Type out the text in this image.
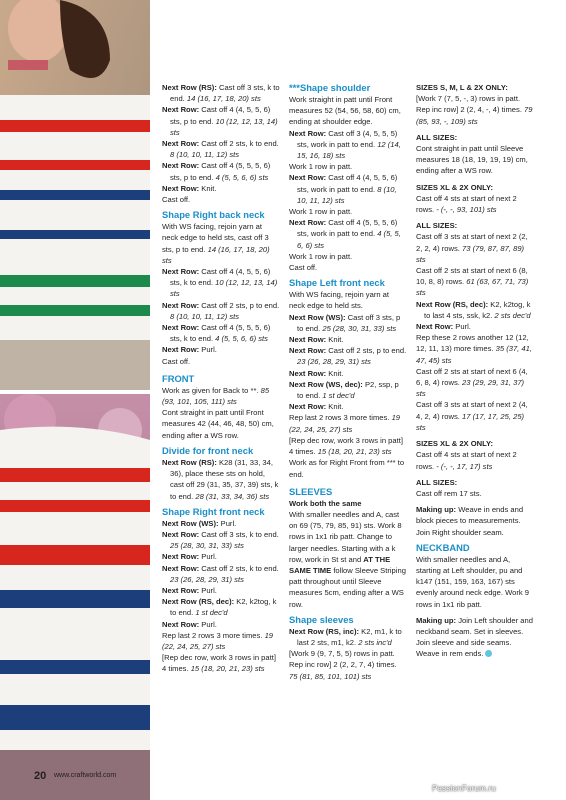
Next Row (RS): Cast off 3 sts, k to end. 14 (16, 17, 18, 20) sts

Next Row: Cast off 4 (4, 5, 5, 6) sts, p to end. 10 (12, 12, 13, 14) sts

Next Row: Cast off 2 sts, k to end. 8 (10, 10, 11, 12) sts

Next Row: Cast off 4 (5, 5, 5, 6) sts, p to end. 4 (5, 5, 6, 6) sts

Next Row: Knit.

Cast off.

Shape Right back neck

With WS facing, rejoin yarn at neck edge to held sts, cast off 3 sts, p to end. 14 (16, 17, 18, 20) sts

Next Row: Cast off 4 (4, 5, 5, 6) sts, k to end. 10 (12, 12, 13, 14) sts

Next Row: Cast off 2 sts, p to end. 8 (10, 10, 11, 12) sts

Next Row: Cast off 4 (5, 5, 5, 6) sts, k to end. 4 (5, 5, 6, 6) sts

Next Row: Purl.

Cast off.

FRONT

Work as given for Back to **. 85 (93, 101, 105, 111) sts

Cont straight in patt until Front measures 42 (44, 46, 48, 50) cm, ending after a WS row.

Divide for front neck

Next Row (RS): K28 (31, 33, 34, 36), place these sts on hold, cast off 29 (31, 35, 37, 39) sts, k to end. 28 (31, 33, 34, 36) sts

Shape Right front neck

Next Row (WS): Purl.

Next Row: Cast off 3 sts, k to end. 25 (28, 30, 31, 33) sts

Next Row: Purl.

Next Row: Cast off 2 sts, k to end. 23 (26, 28, 29, 31) sts

Next Row: Purl.

Next Row (RS, dec): K2, k2tog, k to end. 1 st dec'd

Next Row: Purl.

Rep last 2 rows 3 more times. 19 (22, 24, 25, 27) sts

[Rep dec row, work 3 rows in patt] 4 times. 15 (18, 20, 21, 23) sts

***Shape shoulder

Work straight in patt until Front measures 52 (54, 56, 58, 60) cm, ending at shoulder edge.

Next Row: Cast off 3 (4, 5, 5, 5) sts, work in patt to end. 12 (14, 15, 16, 18) sts

Work 1 row in patt.

Next Row: Cast off 4 (4, 5, 5, 6) sts, work in patt to end. 8 (10, 10, 11, 12) sts

Work 1 row in patt.

Next Row: Cast off 4 (5, 5, 5, 6) sts, work in patt to end. 4 (5, 5, 6, 6) sts

Work 1 row in patt.

Cast off.

Shape Left front neck

With WS facing, rejoin yarn at neck edge to held sts.

Next Row (WS): Cast off 3 sts, p to end. 25 (28, 30, 31, 33) sts

Next Row: Knit.

Next Row: Cast off 2 sts, p to end. 23 (26, 28, 29, 31) sts

Next Row: Knit.

Next Row (WS, dec): P2, ssp, p to end. 1 st dec'd

Next Row: Knit.

Rep last 2 rows 3 more times. 19 (22, 24, 25, 27) sts

[Rep dec row, work 3 rows in patt] 4 times. 15 (18, 20, 21, 23) sts

Work as for Right Front from *** to end.

SLEEVES

Work both the same

With smaller needles and A, cast on 69 (75, 79, 85, 91) sts. Work 8 rows in 1x1 rib patt. Change to larger needles. Starting with a k row, work in St st and AT THE SAME TIME follow Sleeve Striping patt throughout until Sleeve measures 5cm, ending after a WS row.

Shape sleeves

Next Row (RS, inc): K2, m1, k to last 2 sts, m1, k2. 2 sts inc'd

[Work 9 (9, 7, 5, 5) rows in patt. Rep inc row] 2 (2, 2, 7, 4) times. 75 (81, 85, 101, 101) sts

SIZES S, M, L & 2X ONLY:

[Work 7 (7, 5, -, 3) rows in patt. Rep inc row] 2 (2, 4, -, 4) times. 79 (85, 93, -, 109) sts

ALL SIZES:

Cont straight in patt until Sleeve measures 18 (18, 19, 19, 19) cm, ending after a WS row.

SIZES XL & 2X ONLY:

Cast off 4 sts at start of next 2 rows. - (-, -, 93, 101) sts

ALL SIZES:

Cast off 3 sts at start of next 2 (2, 2, 2, 4) rows. 73 (79, 87, 87, 89) sts

Cast off 2 sts at start of next 6 (8, 10, 8, 8) rows. 61 (63, 67, 71, 73) sts

Next Row (RS, dec): K2, k2tog, k to last 4 sts, ssk, k2. 2 sts dec'd

Next Row: Purl.

Rep these 2 rows another 12 (12, 12, 11, 13) more times. 35 (37, 41, 47, 45) sts

Cast off 2 sts at start of next 6 (4, 6, 8, 4) rows. 23 (29, 29, 31, 37) sts

Cast off 3 sts at start of next 2 (4, 4, 2, 4) rows. 17 (17, 17, 25, 25) sts

SIZES XL & 2X ONLY:

Cast off 4 sts at start of next 2 rows. - (-, -, 17, 17) sts

ALL SIZES:

Cast off rem 17 sts.

Making up: Weave in ends and block pieces to measurements. Join Right shoulder seam.

NECKBAND

With smaller needles and A, starting at Left shoulder, pu and k147 (151, 159, 163, 167) sts evenly around neck edge. Work 9 rows in 1x1 rib patt.

Making up: Join Left shoulder and neckband seam. Set in sleeves. Join sleeve and side seams. Weave in rem ends.

20 www.craftworld.com
PassionForum.ru
